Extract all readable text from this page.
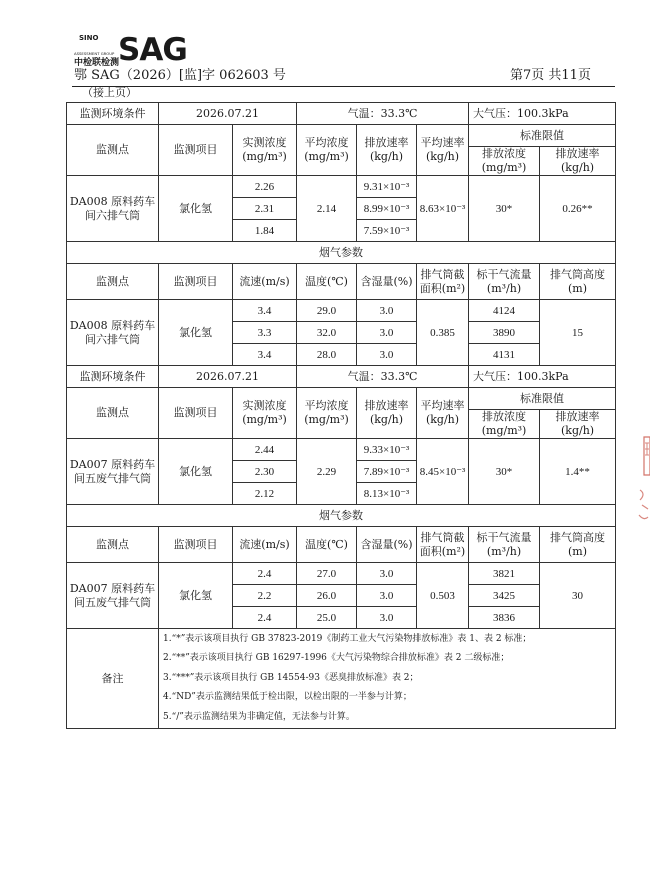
SINO
ASSESSMENT GROUP
中检联检测
SAG
鄂 SAG（2026）[监]字 062603 号	第7页 共11页
（接上页）
监测环境条件	2026.07.21		气温：33.3℃			大气压：100.3kPa	
监测点	监测项目	实测浓度(mg/m³)	平均浓度(mg/m³)	排放速率(kg/h)	平均速率(kg/h)	标准限值	
						排放浓度(mg/m³)	排放速率(kg/h)
DA008 原料药车间六排气筒	氯化氢	2.26	2.14	9.31×10⁻³	8.63×10⁻³	30*	0.26**
		2.31		8.99×10⁻³			
		1.84		7.59×10⁻³			
烟气参数							
监测点	监测项目	流速(m/s)	温度(℃)	含湿量(%)	排气筒截面积(m²)	标干气流量(m³/h)	排气筒高度(m)
DA008 原料药车间六排气筒	氯化氢	3.4	29.0	3.0	0.385	4124	15
		3.3	32.0	3.0		3890	
		3.4	28.0	3.0		4131	
监测环境条件	2026.07.21		气温：33.3℃			大气压：100.3kPa	
监测点	监测项目	实测浓度(mg/m³)	平均浓度(mg/m³)	排放速率(kg/h)	平均速率(kg/h)	标准限值	
						排放浓度(mg/m³)	排放速率(kg/h)
DA007 原料药车间五废气排气筒	氯化氢	2.44	2.29	9.33×10⁻³	8.45×10⁻³	30*	1.4**
		2.30		7.89×10⁻³			
		2.12		8.13×10⁻³			
烟气参数							
监测点	监测项目	流速(m/s)	温度(℃)	含湿量(%)	排气筒截面积(m²)	标干气流量(m³/h)	排气筒高度(m)
DA007 原料药车间五废气排气筒	氯化氢	2.4	27.0	3.0	0.503	3821	30
		2.2	26.0	3.0		3425	
		2.4	25.0	3.0		3836	
备注	1.“*”表示该项目执行 GB 37823-2019《制药工业大气污染物排放标准》表 1、表 2 标准；
2.“**”表示该项目执行 GB 16297-1996《大气污染物综合排放标准》表 2 二级标准；
3.“***”表示该项目执行 GB 14554-93《恶臭排放标准》表 2；
4.“ND”表示监测结果低于检出限，以检出限的一半参与计算；
5.“/”表示监测结果为非确定值，无法参与计算。						
